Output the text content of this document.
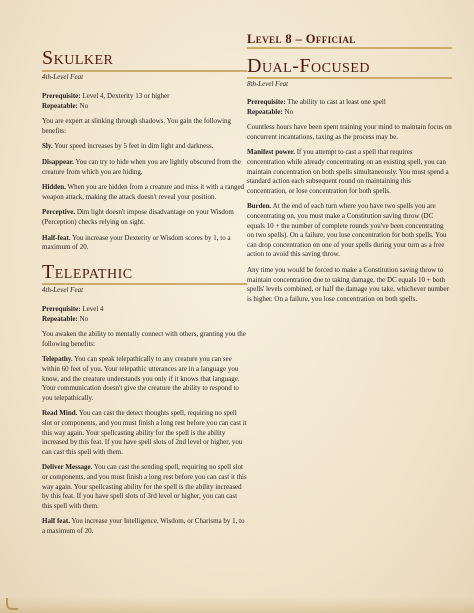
Skulker
4th-Level Feat

Prerequisite: Level 4, Dexterity 13 or higher
Repeatable: No

You are expert at slinking through shadows. You gain the following benefits:

Sly. Your speed increases by 5 feet in dim light and darkness.

Disappear. You can try to hide when you are lightly obscured from the creature from which you are hiding.

Hidden. When you are hidden from a creature and miss it with a ranged weapon attack, making the attack doesn't reveal your position.

Perceptive. Dim light doesn't impose disadvantage on your Wisdom (Perception) checks relying on sight.

Half-feat. You increase your Dexterity or Wisdom scores by 1, to a maximum of 20.

Telepathic
4th-Level Feat

Prerequisite: Level 4
Repeatable: No

You awaken the ability to mentally connect with others, granting you the following benefits:

Telepathy. You can speak telepathically to any creature you can see within 60 feet of you. Your telepathic utterances are in a language you know, and the creature understands you only if it knows that language. Your communication doesn't give the creature the ability to respond to you telepathically.

Read Mind. You can cast the detect thoughts spell, requiring no spell slot or components, and you must finish a long rest before you can cast it this way again. Your spellcasting ability for the spell is the ability increased by this feat. If you have spell slots of 2nd level or higher, you can cast this spell with them.

Deliver Message. You can cast the sending spell, requiring no spell slot or components, and you must finish a long rest before you can cast it this way again. Your spellcasting ability for the spell is the ability increased by this feat. If you have spell slots of 3rd level or higher, you can cast this spell with them.

Half feat. You increase your Intelligence, Wisdom, or Charisma by 1, to a maximum of 20.

Level 8 – Official
Dual-Focused
8th-Level Feat

Prerequisite: The ability to cast at least one spell
Repeatable: No

Countless hours have been spent training your mind to maintain focus on concurrent incantations, taxing as the process may be.

Manifest power. If you attempt to cast a spell that requires concentration while already concentrating on an existing spell, you can maintain concentration on both spells simultaneously. You must spend a standard action each subsequent round on maintaining this concentration, or lose concentration for both spells.

Burden. At the end of each turn where you have two spells you are concentrating on, you must make a Constitution saving throw (DC equals 10 + the number of complete rounds you've been concentrating on two spells). On a failure, you lose concentration for both spells. You can drop concentration on one of your spells during your turn as a free action to avoid this saving throw.

Any time you would be forced to make a Constitution saving throw to maintain concentration due to taking damage, the DC equals 10 + both spells' levels combined, or half the damage you take, whichever number is higher. On a failure, you lose concentration on both spells.
